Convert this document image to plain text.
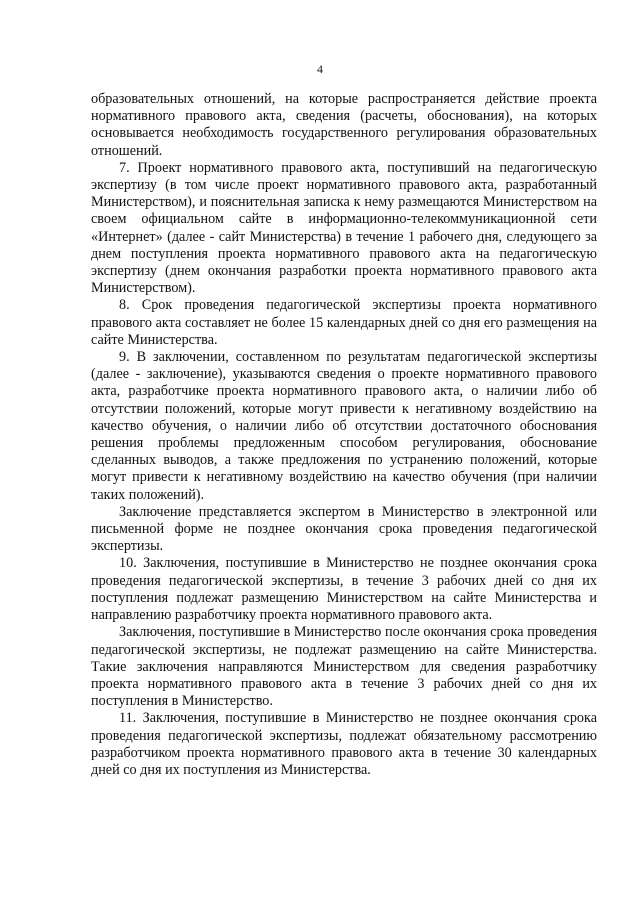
4

образовательных отношений, на которые распространяется действие проекта нормативного правового акта, сведения (расчеты, обоснования), на которых основывается необходимость государственного регулирования образовательных отношений.

7. Проект нормативного правового акта, поступивший на педагогическую экспертизу (в том числе проект нормативного правового акта, разработанный Министерством), и пояснительная записка к нему размещаются Министерством на своем официальном сайте в информационно-телекоммуникационной сети «Интернет» (далее - сайт Министерства) в течение 1 рабочего дня, следующего за днем поступления проекта нормативного правового акта на педагогическую экспертизу (днем окончания разработки проекта нормативного правового акта Министерством).

8. Срок проведения педагогической экспертизы проекта нормативного правового акта составляет не более 15 календарных дней со дня его размещения на сайте Министерства.

9. В заключении, составленном по результатам педагогической экспертизы (далее - заключение), указываются сведения о проекте нормативного правового акта, разработчике проекта нормативного правового акта, о наличии либо об отсутствии положений, которые могут привести к негативному воздействию на качество обучения, о наличии либо об отсутствии достаточного обоснования решения проблемы предложенным способом регулирования, обоснование сделанных выводов, а также предложения по устранению положений, которые могут привести к негативному воздействию на качество обучения (при наличии таких положений).

Заключение представляется экспертом в Министерство в электронной или письменной форме не позднее окончания срока проведения педагогической экспертизы.

10. Заключения, поступившие в Министерство не позднее окончания срока проведения педагогической экспертизы, в течение 3 рабочих дней со дня их поступления подлежат размещению Министерством на сайте Министерства и направлению разработчику проекта нормативного правового акта.

Заключения, поступившие в Министерство после окончания срока проведения педагогической экспертизы, не подлежат размещению на сайте Министерства. Такие заключения направляются Министерством для сведения разработчику проекта нормативного правового акта в течение 3 рабочих дней со дня их поступления в Министерство.

11. Заключения, поступившие в Министерство не позднее окончания срока проведения педагогической экспертизы, подлежат обязательному рассмотрению разработчиком проекта нормативного правового акта в течение 30 календарных дней со дня их поступления из Министерства.
